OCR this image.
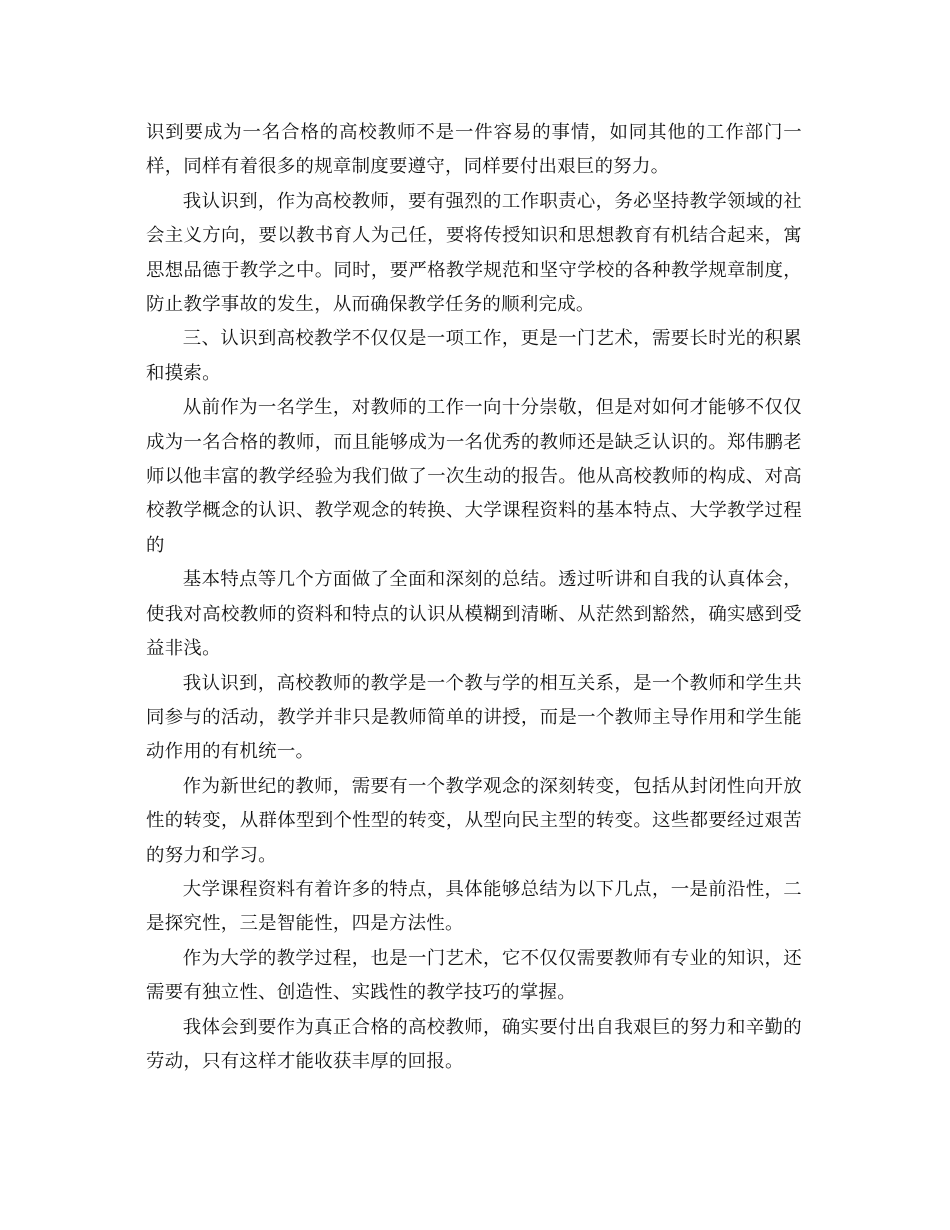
识到要成为一名合格的高校教师不是一件容易的事情，如同其他的工作部门一样，同样有着很多的规章制度要遵守，同样要付出艰巨的努力。

我认识到，作为高校教师，要有强烈的工作职责心，务必坚持教学领域的社会主义方向，要以教书育人为己任，要将传授知识和思想教育有机结合起来，寓思想品德于教学之中。同时，要严格教学规范和坚守学校的各种教学规章制度，防止教学事故的发生，从而确保教学任务的顺利完成。

三、认识到高校教学不仅仅是一项工作，更是一门艺术，需要长时光的积累和摸索。

从前作为一名学生，对教师的工作一向十分崇敬，但是对如何才能够不仅仅成为一名合格的教师，而且能够成为一名优秀的教师还是缺乏认识的。郑伟鹏老师以他丰富的教学经验为我们做了一次生动的报告。他从高校教师的构成、对高校教学概念的认识、教学观念的转换、大学课程资料的基本特点、大学教学过程的

基本特点等几个方面做了全面和深刻的总结。透过听讲和自我的认真体会，使我对高校教师的资料和特点的认识从模糊到清晰、从茫然到豁然，确实感到受益非浅。

我认识到，高校教师的教学是一个教与学的相互关系，是一个教师和学生共同参与的活动，教学并非只是教师简单的讲授，而是一个教师主导作用和学生能动作用的有机统一。

作为新世纪的教师，需要有一个教学观念的深刻转变，包括从封闭性向开放性的转变，从群体型到个性型的转变，从型向民主型的转变。这些都要经过艰苦的努力和学习。

大学课程资料有着许多的特点，具体能够总结为以下几点，一是前沿性，二是探究性，三是智能性，四是方法性。

作为大学的教学过程，也是一门艺术，它不仅仅需要教师有专业的知识，还需要有独立性、创造性、实践性的教学技巧的掌握。

我体会到要作为真正合格的高校教师，确实要付出自我艰巨的努力和辛勤的劳动，只有这样才能收获丰厚的回报。
